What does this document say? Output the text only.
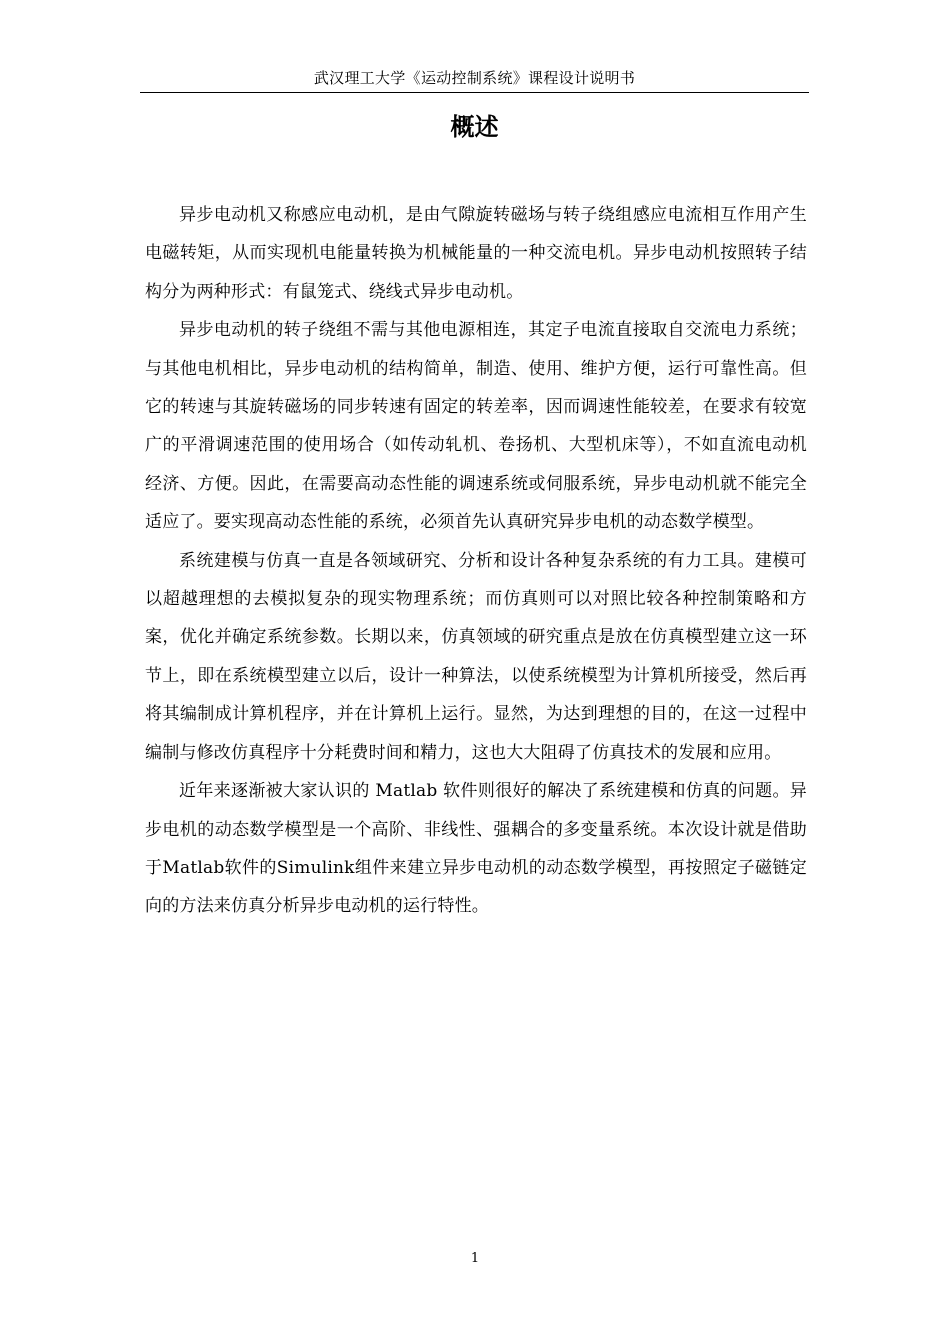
武汉理工大学《运动控制系统》课程设计说明书
概述

异步电动机又称感应电动机，是由气隙旋转磁场与转子绕组感应电流相互作用产生电磁转矩，从而实现机电能量转换为机械能量的一种交流电机。异步电动机按照转子结构分为两种形式：有鼠笼式、绕线式异步电动机。

异步电动机的转子绕组不需与其他电源相连，其定子电流直接取自交流电力系统；与其他电机相比，异步电动机的结构简单，制造、使用、维护方便，运行可靠性高。但它的转速与其旋转磁场的同步转速有固定的转差率，因而调速性能较差，在要求有较宽广的平滑调速范围的使用场合（如传动轧机、卷扬机、大型机床等），不如直流电动机经济、方便。因此，在需要高动态性能的调速系统或伺服系统，异步电动机就不能完全适应了。要实现高动态性能的系统，必须首先认真研究异步电机的动态数学模型。

系统建模与仿真一直是各领域研究、分析和设计各种复杂系统的有力工具。建模可以超越理想的去模拟复杂的现实物理系统；而仿真则可以对照比较各种控制策略和方案，优化并确定系统参数。长期以来，仿真领域的研究重点是放在仿真模型建立这一环节上，即在系统模型建立以后，设计一种算法，以使系统模型为计算机所接受，然后再将其编制成计算机程序，并在计算机上运行。显然，为达到理想的目的，在这一过程中编制与修改仿真程序十分耗费时间和精力，这也大大阻碍了仿真技术的发展和应用。

近年来逐渐被大家认识的 Matlab 软件则很好的解决了系统建模和仿真的问题。异步电机的动态数学模型是一个高阶、非线性、强耦合的多变量系统。本次设计就是借助于Matlab软件的Simulink组件来建立异步电动机的动态数学模型，再按照定子磁链定向的方法来仿真分析异步电动机的运行特性。

1
